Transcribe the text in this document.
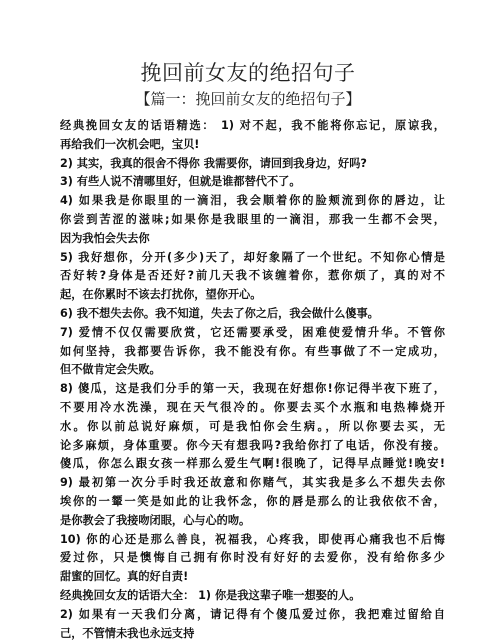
挽回前女友的绝招句子
【篇一：挽回前女友的绝招句子】
经典挽回女友的话语精选： 1) 对不起，我不能将你忘记，原谅我，
再给我们一次机会吧，宝贝!
2) 其实，我真的很舍不得你 我需要你，请回到我身边，好吗?
3) 有些人说不清哪里好，但就是谁都替代不了。
4) 如果我是你眼里的一滴泪，我会顺着你的脸颊流到你的唇边，让
你尝到苦涩的滋味;如果你是我眼里的一滴泪，那我一生都不会哭，
因为我怕会失去你
5) 我好想你，分开(多少)天了，却好象隔了一个世纪。不知你心情是
否好转?身体是否还好?前几天我不该缠着你，惹你烦了，真的对不
起，在你累时不该去打扰你，望你开心。
6) 我不想失去你。我不知道，失去了你之后，我会做什么傻事。
7) 爱情不仅仅需要欣赏，它还需要承受，困难使爱情升华。不管你
如何坚持，我都要告诉你，我不能没有你。有些事做了不一定成功，
但不做肯定会失败。
8) 傻瓜，这是我们分手的第一天，我现在好想你!你记得半夜下班了，
不要用冷水洗澡，现在天气很冷的。你要去买个水瓶和电热棒烧开
水。你以前总说好麻烦，可是我怕你会生病。，所以你要去买，无
论多麻烦，身体重要。你今天有想我吗?我给你打了电话，你没有接。
傻瓜，你怎么跟女孩一样那么爱生气啊!很晚了，记得早点睡觉!晚安!
9) 最初第一次分手时我还故意和你赌气，其实我是多么不想失去你
埃你的一颦一笑是如此的让我怀念，你的唇是那么的让我依依不舍，
是你教会了我接吻闭眼，心与心的吻。
10) 你的心还是那么善良，祝福我，心疼我，即使再心痛我也不后悔
爱过你，只是懊悔自己拥有你时没有好好的去爱你，没有给你多少
甜蜜的回忆。真的好自责!
经典挽回女友的话语大全： 1) 你是我这辈子唯一想娶的人。
2) 如果有一天我们分离，请记得有个傻瓜爱过你，我把难过留给自
己，不管情未我也永远支持
